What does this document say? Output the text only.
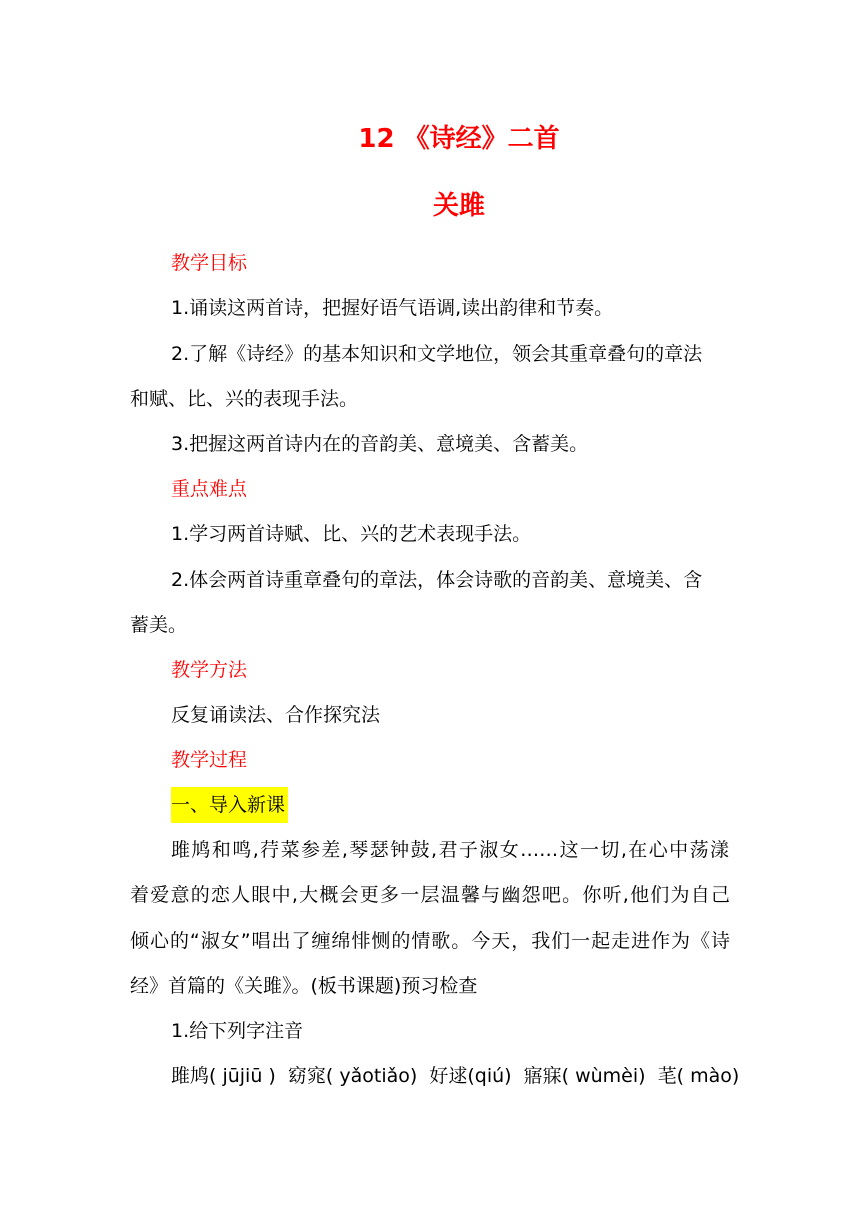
12 《诗经》二首
关雎
教学目标
1.诵读这两首诗，把握好语气语调,读出韵律和节奏。
2.了解《诗经》的基本知识和文学地位，领会其重章叠句的章法
和赋、比、兴的表现手法。
3.把握这两首诗内在的音韵美、意境美、含蓄美。
重点难点
1.学习两首诗赋、比、兴的艺术表现手法。
2.体会两首诗重章叠句的章法，体会诗歌的音韵美、意境美、含
蓄美。
教学方法
反复诵读法、合作探究法
教学过程
一、导入新课
雎鸠和鸣,荇菜参差,琴瑟钟鼓,君子淑女……这一切,在心中荡漾
着爱意的恋人眼中,大概会更多一层温馨与幽怨吧。你听,他们为自己
倾心的“淑女”唱出了缠绵悱恻的情歌。今天，我们一起走进作为《诗
经》首篇的《关雎》。(板书课题)预习检查
1.给下列字注音
雎鸠( jūjiū )  窈窕( yǎotiǎo)  好逑(qiú)  寤寐( wùmèi)  芼( mào)
